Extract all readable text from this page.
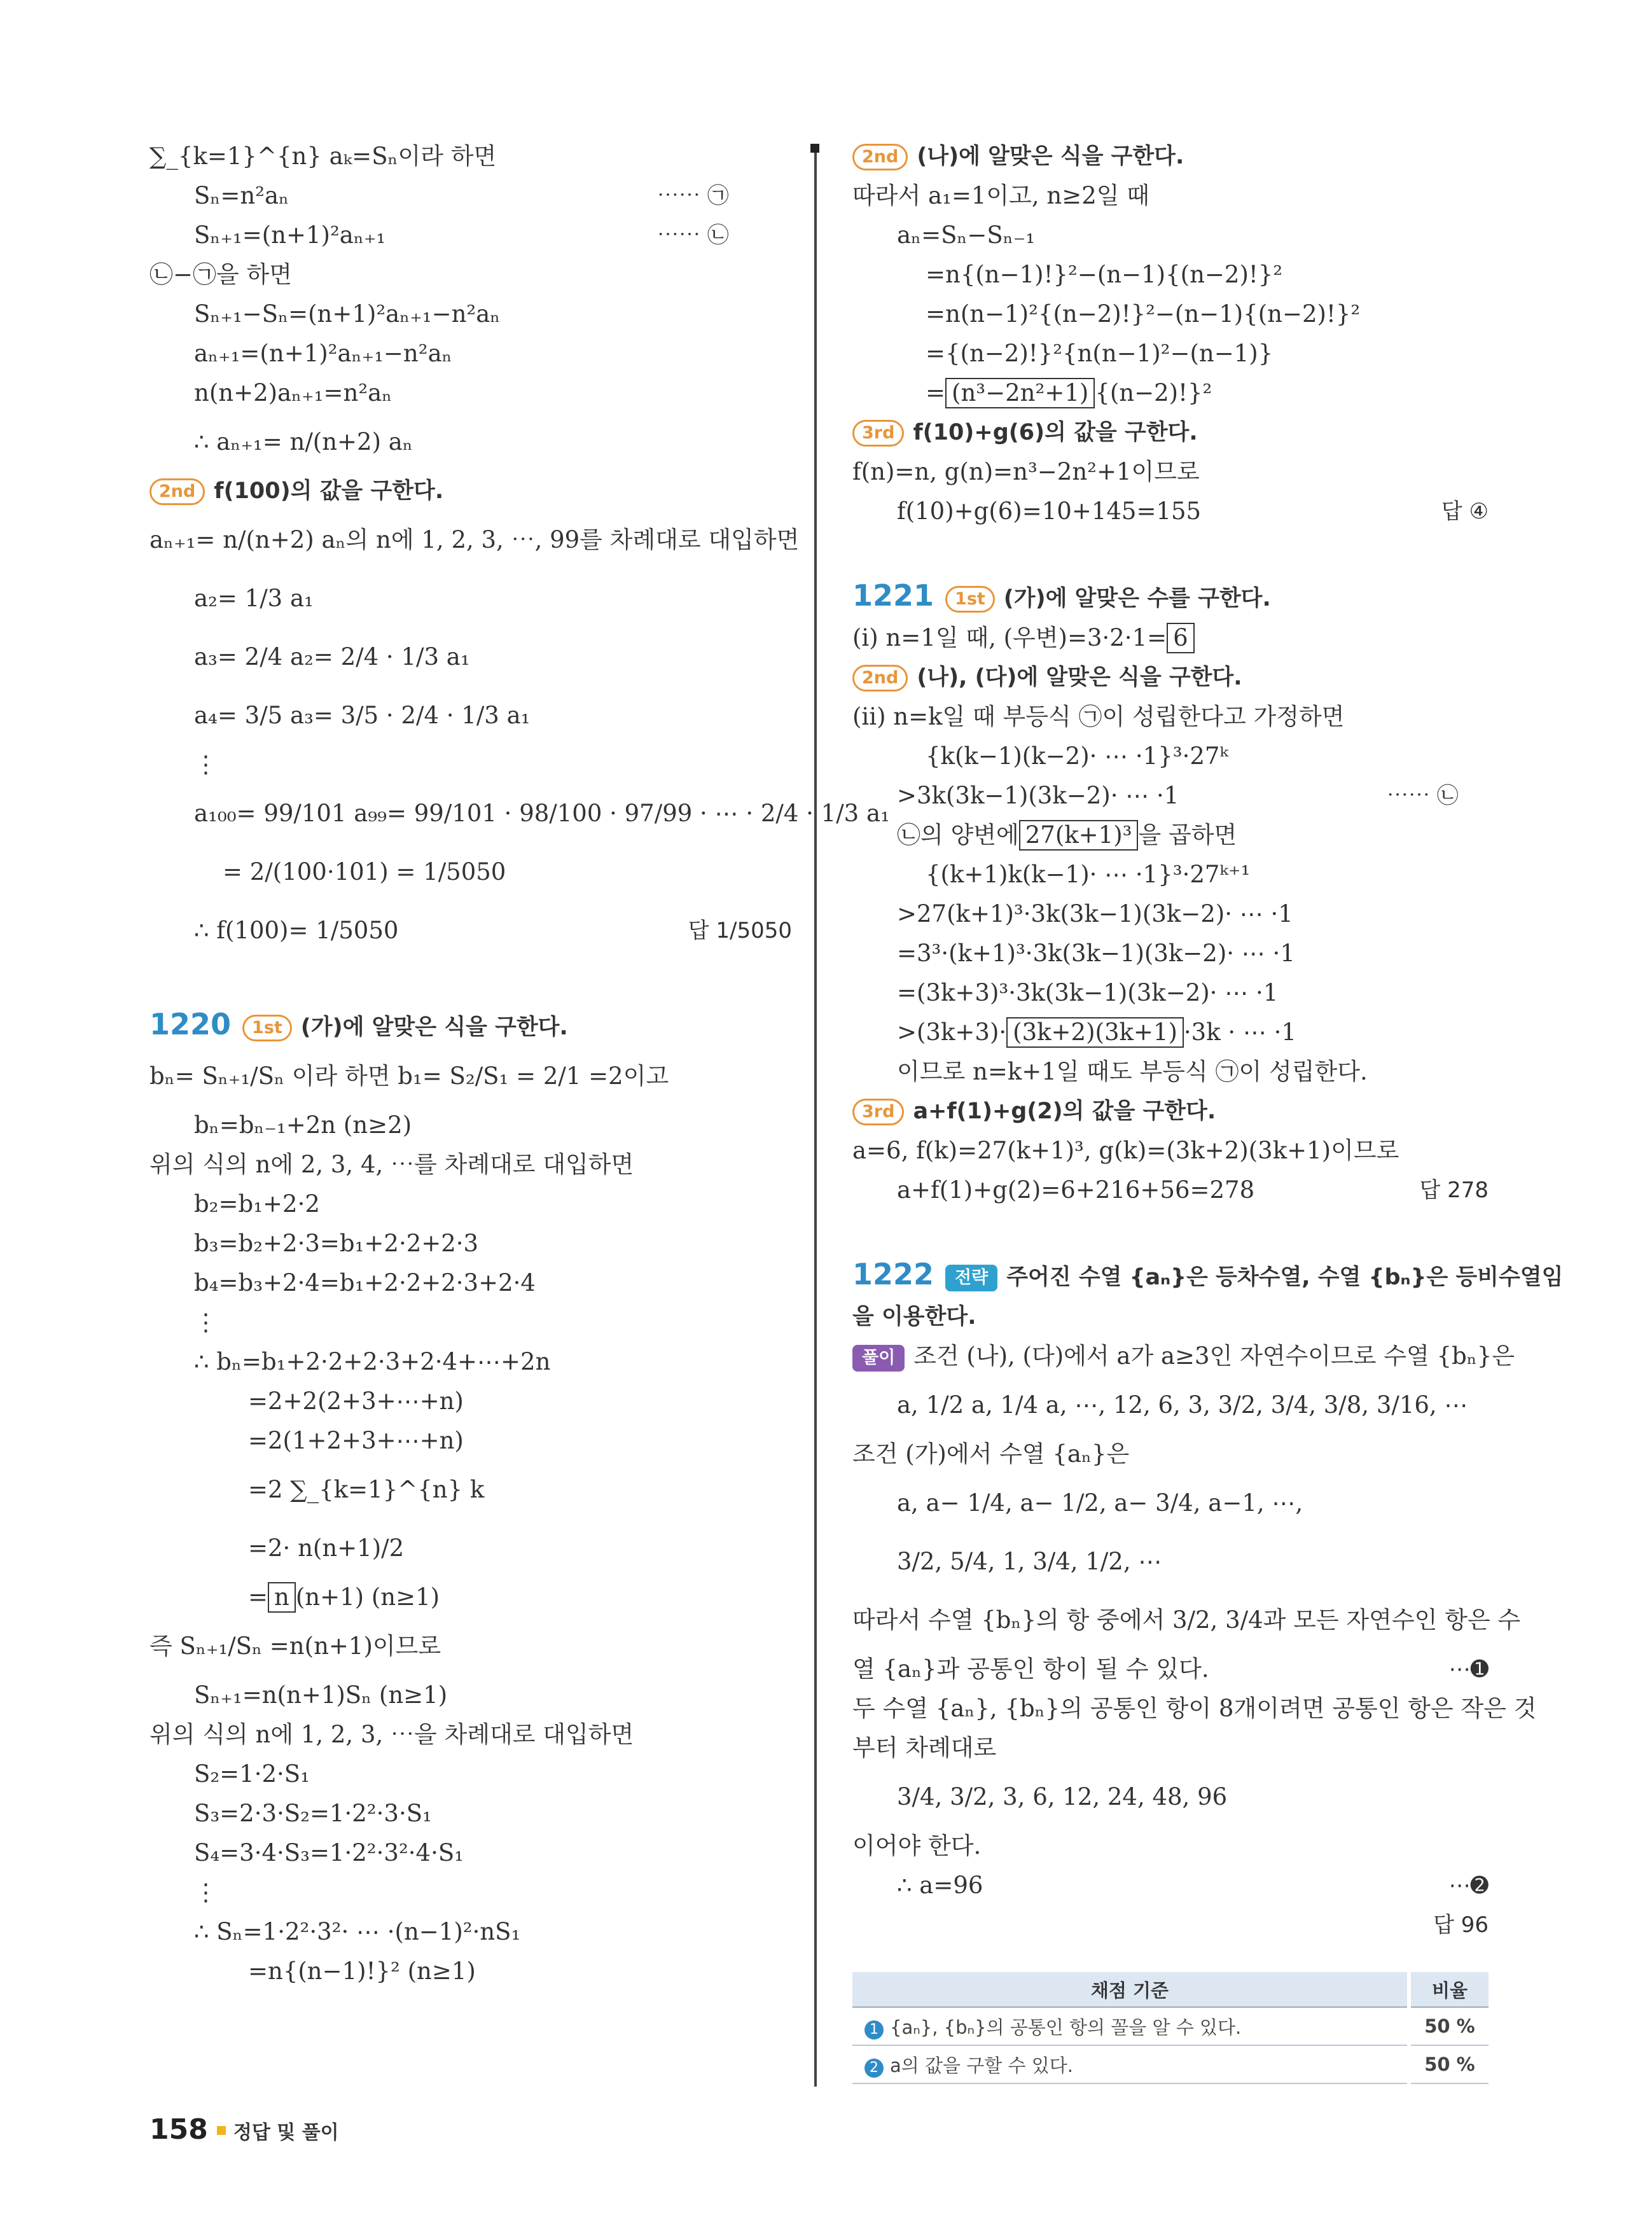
∑_{k=1}^{n} aₖ=Sₙ이라 하면
Sₙ=n²aₙ	⋯⋯ ㉠
Sₙ₊₁=(n+1)²aₙ₊₁	⋯⋯ ㉡
㉡−㉠을 하면
Sₙ₊₁−Sₙ=(n+1)²aₙ₊₁−n²aₙ
aₙ₊₁=(n+1)²aₙ₊₁−n²aₙ
n(n+2)aₙ₊₁=n²aₙ
∴ aₙ₊₁= n/(n+2) aₙ
2nd f(100)의 값을 구한다.
aₙ₊₁= n/(n+2) aₙ의 n에 1, 2, 3, ⋯, 99를 차례대로 대입하면
a₂= 1/3 a₁
a₃= 2/4 a₂= 2/4 · 1/3 a₁
a₄= 3/5 a₃= 3/5 · 2/4 · 1/3 a₁
⋮
a₁₀₀= 99/101 a₉₉= 99/101 · 98/100 · 97/99 · ⋯ · 2/4 · 1/3 a₁
= 2/(100·101) = 1/5050
∴ f(100)= 1/5050	답 1/5050
1220 1st (가)에 알맞은 식을 구한다.
bₙ= Sₙ₊₁/Sₙ 이라 하면 b₁= S₂/S₁ = 2/1 =2이고
bₙ=bₙ₋₁+2n (n≥2)
위의 식의 n에 2, 3, 4, ⋯를 차례대로 대입하면
b₂=b₁+2·2
b₃=b₂+2·3=b₁+2·2+2·3
b₄=b₃+2·4=b₁+2·2+2·3+2·4
⋮
∴ bₙ=b₁+2·2+2·3+2·4+⋯+2n
=2+2(2+3+⋯+n)
=2(1+2+3+⋯+n)
=2 ∑_{k=1}^{n} k
=2· n(n+1)/2
= n (n+1) (n≥1)
즉 Sₙ₊₁/Sₙ =n(n+1)이므로
Sₙ₊₁=n(n+1)Sₙ (n≥1)
위의 식의 n에 1, 2, 3, ⋯을 차례대로 대입하면
S₂=1·2·S₁
S₃=2·3·S₂=1·2²·3·S₁
S₄=3·4·S₃=1·2²·3²·4·S₁
⋮
∴ Sₙ=1·2²·3²· ⋯ ·(n−1)²·nS₁
=n{(n−1)!}² (n≥1)
2nd (나)에 알맞은 식을 구한다.
따라서 a₁=1이고, n≥2일 때
aₙ=Sₙ−Sₙ₋₁
=n{(n−1)!}²−(n−1){(n−2)!}²
=n(n−1)²{(n−2)!}²−(n−1){(n−2)!}²
={(n−2)!}²{n(n−1)²−(n−1)}
= (n³−2n²+1) {(n−2)!}²
3rd f(10)+g(6)의 값을 구한다.
f(n)=n, g(n)=n³−2n²+1이므로
f(10)+g(6)=10+145=155	답 ④
1221 1st (가)에 알맞은 수를 구한다.
(i) n=1일 때, (우변)=3·2·1= 6
2nd (나), (다)에 알맞은 식을 구한다.
(ii) n=k일 때 부등식 ㉠이 성립한다고 가정하면
{k(k−1)(k−2)· ⋯ ·1}³·27ᵏ
>3k(3k−1)(3k−2)· ⋯ ·1	⋯⋯ ㉡
㉡의 양변에 27(k+1)³ 을 곱하면
{(k+1)k(k−1)· ⋯ ·1}³·27ᵏ⁺¹
>27(k+1)³·3k(3k−1)(3k−2)· ⋯ ·1
=3³·(k+1)³·3k(3k−1)(3k−2)· ⋯ ·1
=(3k+3)³·3k(3k−1)(3k−2)· ⋯ ·1
>(3k+3)· (3k+2)(3k+1) ·3k · ⋯ ·1
이므로 n=k+1일 때도 부등식 ㉠이 성립한다.
3rd a+f(1)+g(2)의 값을 구한다.
a=6, f(k)=27(k+1)³, g(k)=(3k+2)(3k+1)이므로
a+f(1)+g(2)=6+216+56=278	답 278
1222 전략 주어진 수열 {aₙ}은 등차수열, 수열 {bₙ}은 등비수열임
을 이용한다.
풀이 조건 (나), (다)에서 a가 a≥3인 자연수이므로 수열 {bₙ}은
a, 1/2 a, 1/4 a, ⋯, 12, 6, 3, 3/2, 3/4, 3/8, 3/16, ⋯
조건 (가)에서 수열 {aₙ}은
a, a− 1/4, a− 1/2, a− 3/4, a−1, ⋯,
3/2, 5/4, 1, 3/4, 1/2, ⋯
따라서 수열 {bₙ}의 항 중에서 3/2, 3/4과 모든 자연수인 항은 수
열 {aₙ}과 공통인 항이 될 수 있다.	⋯➊
두 수열 {aₙ}, {bₙ}의 공통인 항이 8개이려면 공통인 항은 작은 것
부터 차례대로
3/4, 3/2, 3, 6, 12, 24, 48, 96
이어야 한다.
∴ a=96	⋯➋
답 96
채점 기준	비율
1 {aₙ}, {bₙ}의 공통인 항의 꼴을 알 수 있다.	50 %
2 a의 값을 구할 수 있다.	50 %
158 정답 및 풀이
